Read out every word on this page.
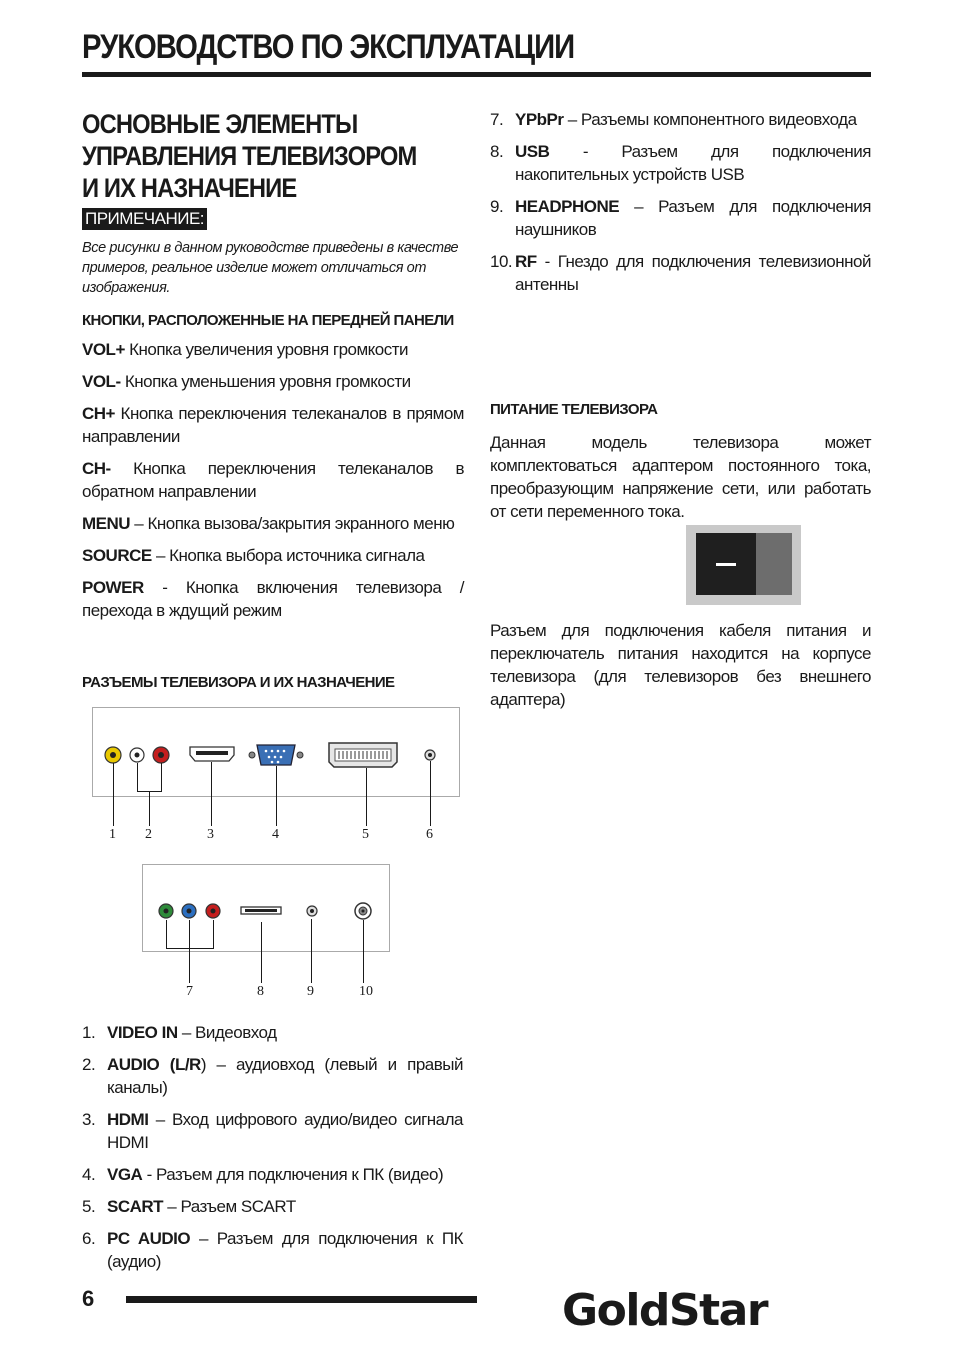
РУКОВОДСТВО ПО ЭКСПЛУАТАЦИИ
ОСНОВНЫЕ ЭЛЕМЕНТЫ
УПРАВЛЕНИЯ ТЕЛЕВИЗОРОМ
И ИХ НАЗНАЧЕНИЕ
ПРИМЕЧАНИЕ:
Все рисунки в данном руководстве приведены в качестве примеров, реальное изделие может отличаться от изображения.
КНОПКИ, РАСПОЛОЖЕННЫЕ НА ПЕРЕДНЕЙ ПАНЕЛИ
VOL+ Кнопка увеличения уровня громкости
VOL- Кнопка уменьшения уровня громкости
CH+ Кнопка переключения телеканалов в прямом направлении
CH- Кнопка переключения телеканалов в обратном направлении
MENU – Кнопка вызова/закрытия экранного меню
SOURCE – Кнопка выбора источника сигнала
POWER - Кнопка включения телевизора / перехода в ждущий режим
РАЗЪЕМЫ ТЕЛЕВИЗОРА И ИХ НАЗНАЧЕНИЕ
1 2	3	4	5	6
7	8	9	10
1. VIDEO IN – Видеовход
2. AUDIO (L/R) – аудиовход (левый и правый каналы)
3. HDMI – Вход цифрового аудио/видео сигнала HDMI
4. VGA - Разъем для подключения к ПК (видео)
5. SCART – Разъем SCART
6. PC AUDIO – Разъем для подключения к ПК (аудио)
7. YPbPr – Разъемы компонентного видеовхода
8. USB - Разъем для подключения накопительных устройств USB
9. HEADPHONE – Разъем для подключения наушников
10. RF - Гнездо для подключения телевизионной антенны
ПИТАНИЕ ТЕЛЕВИЗОРА
Данная модель телевизора может комплектоваться адаптером постоянного тока, преобразующим напряжение сети, или работать от сети переменного тока.
Разъем для подключения кабеля питания и переключатель питания находится на корпусе телевизора (для телевизоров без внешнего адаптера)
6	GoldStar
